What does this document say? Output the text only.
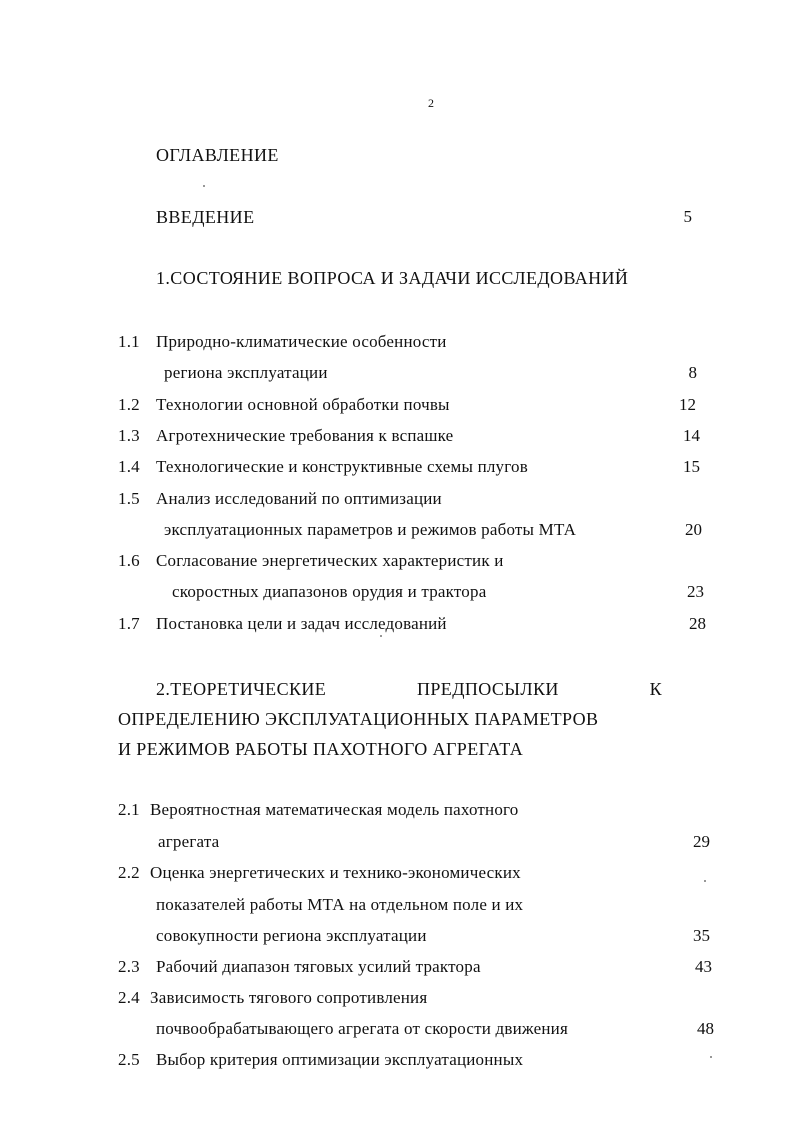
2
ОГЛАВЛЕНИЕ
ВВЕДЕНИЕ	5
1.СОСТОЯНИЕ ВОПРОСА И ЗАДАЧИ ИССЛЕДОВАНИЙ
1.1 Природно-климатические особенности
региона эксплуатации	8
1.2 Технологии основной обработки почвы	12
1.3 Агротехнические требования к вспашке	14
1.4 Технологические и конструктивные схемы плугов	15
1.5 Анализ исследований по оптимизации
эксплуатационных параметров и режимов работы МТА	20
1.6 Согласование энергетических характеристик и
скоростных диапазонов орудия и трактора	23
1.7 Постановка цели и задач исследований	28
2.ТЕОРЕТИЧЕСКИЕ	ПРЕДПОСЫЛКИ	К
ОПРЕДЕЛЕНИЮ ЭКСПЛУАТАЦИОННЫХ ПАРАМЕТРОВ
И РЕЖИМОВ РАБОТЫ ПАХОТНОГО АГРЕГАТА
2.1 Вероятностная математическая модель пахотного
агрегата	29
2.2 Оценка энергетических и технико-экономических
показателей работы МТА на отдельном поле и их
совокупности региона эксплуатации	35
2.3 Рабочий диапазон тяговых усилий трактора	43
2.4 Зависимость тягового сопротивления
почвообрабатывающего агрегата от скорости движения	48
2.5 Выбор критерия оптимизации эксплуатационных
